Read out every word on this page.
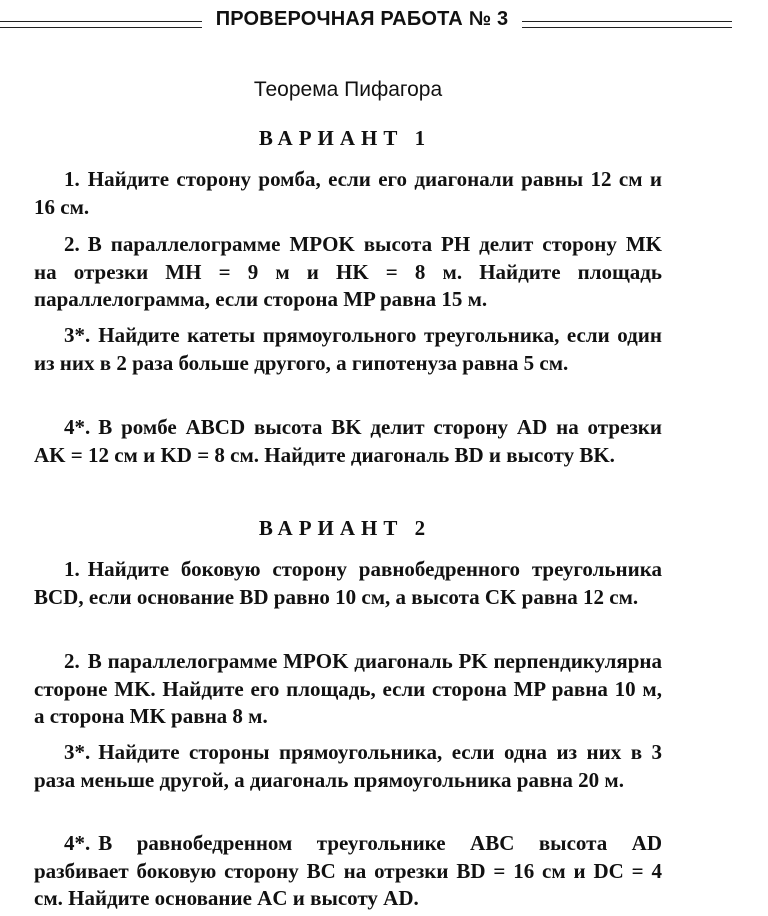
ПРОВЕРОЧНАЯ РАБОТА № 3
Теорема Пифагора
ВАРИАНТ 1
1. Найдите сторону ромба, если его диагонали равны 12 см и 16 см.
2. В параллелограмме MPOK высота PH делит сторону MK на отрезки MH = 9 м и HK = 8 м. Найдите площадь параллелограмма, если сторона MP равна 15 м.
3*. Найдите катеты прямоугольного треугольника, если один из них в 2 раза больше другого, а гипотенуза равна 5 см.
4*. В ромбе ABCD высота BK делит сторону AD на отрезки AK = 12 см и KD = 8 см. Найдите диагональ BD и высоту BK.
ВАРИАНТ 2
1. Найдите боковую сторону равнобедренного треугольника BCD, если основание BD равно 10 см, а высота CK равна 12 см.
2. В параллелограмме MPOK диагональ PK перпендикулярна стороне MK. Найдите его площадь, если сторона MP равна 10 м, а сторона MK равна 8 м.
3*. Найдите стороны прямоугольника, если одна из них в 3 раза меньше другой, а диагональ прямоугольника равна 20 м.
4*. В равнобедренном треугольнике ABC высота AD разбивает боковую сторону BC на отрезки BD = 16 см и DC = 4 см. Найдите основание AC и высоту AD.
